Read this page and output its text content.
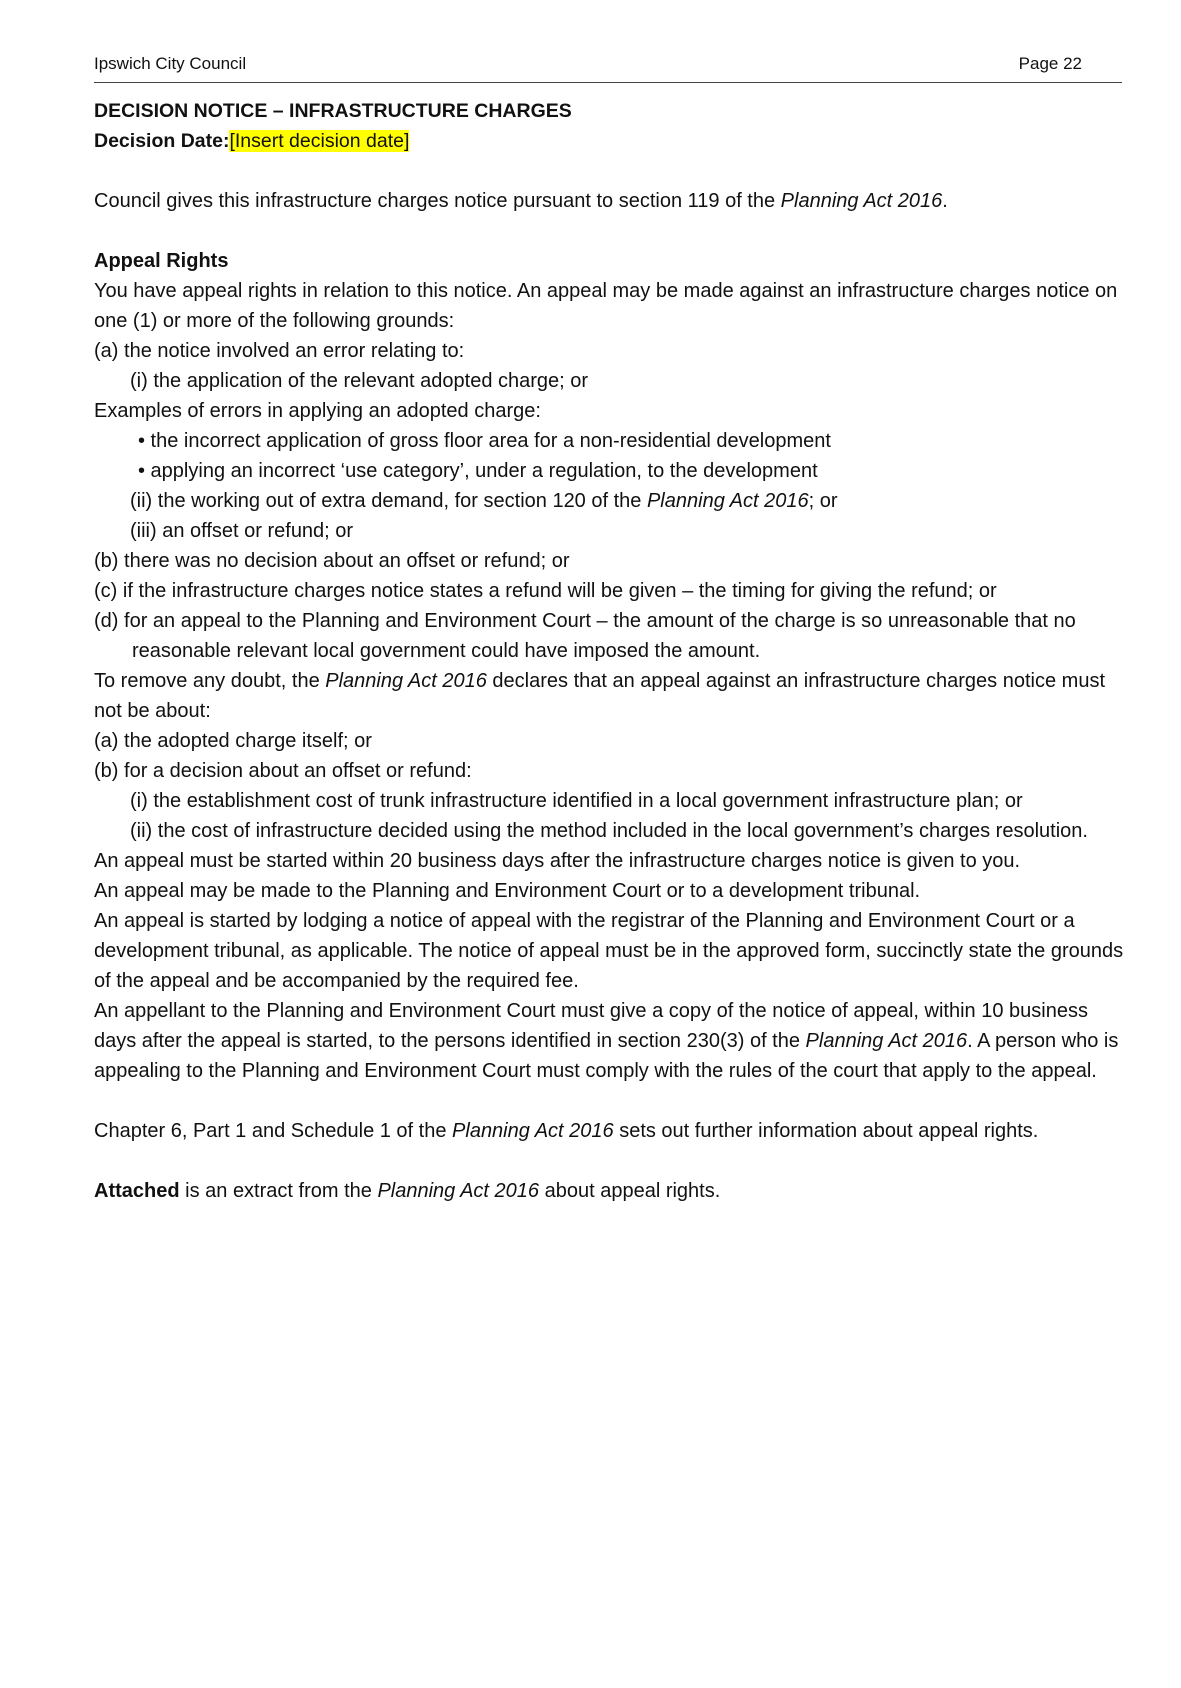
Ipswich City Council	Page 22
DECISION NOTICE – INFRASTRUCTURE CHARGES
Decision Date:[Insert decision date]
Council gives this infrastructure charges notice pursuant to section 119 of the Planning Act 2016.
Appeal Rights
You have appeal rights in relation to this notice. An appeal may be made against an infrastructure charges notice on one (1) or more of the following grounds:
(a) the notice involved an error relating to:
(i) the application of the relevant adopted charge; or
Examples of errors in applying an adopted charge:
• the incorrect application of gross floor area for a non-residential development
• applying an incorrect ‘use category’, under a regulation, to the development
(ii) the working out of extra demand, for section 120 of the Planning Act 2016; or
(iii) an offset or refund; or
(b) there was no decision about an offset or refund; or
(c) if the infrastructure charges notice states a refund will be given – the timing for giving the refund; or
(d) for an appeal to the Planning and Environment Court – the amount of the charge is so unreasonable that no reasonable relevant local government could have imposed the amount.
To remove any doubt, the Planning Act 2016 declares that an appeal against an infrastructure charges notice must not be about:
(a) the adopted charge itself; or
(b) for a decision about an offset or refund:
(i) the establishment cost of trunk infrastructure identified in a local government infrastructure plan; or
(ii) the cost of infrastructure decided using the method included in the local government’s charges resolution.
An appeal must be started within 20 business days after the infrastructure charges notice is given to you.
An appeal may be made to the Planning and Environment Court or to a development tribunal.
An appeal is started by lodging a notice of appeal with the registrar of the Planning and Environment Court or a development tribunal, as applicable. The notice of appeal must be in the approved form, succinctly state the grounds of the appeal and be accompanied by the required fee.
An appellant to the Planning and Environment Court must give a copy of the notice of appeal, within 10 business days after the appeal is started, to the persons identified in section 230(3) of the Planning Act 2016. A person who is appealing to the Planning and Environment Court must comply with the rules of the court that apply to the appeal.
Chapter 6, Part 1 and Schedule 1 of the Planning Act 2016 sets out further information about appeal rights.
Attached is an extract from the Planning Act 2016 about appeal rights.
